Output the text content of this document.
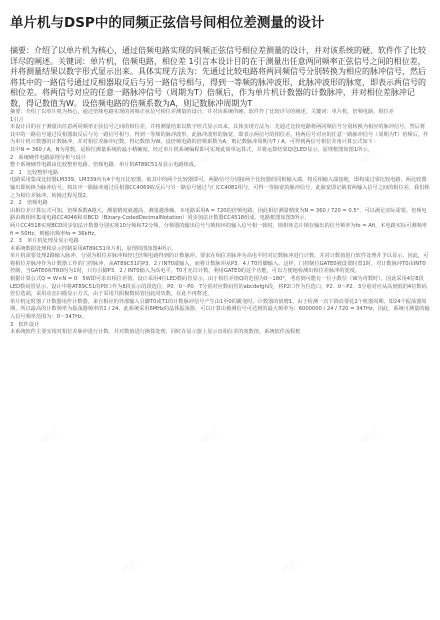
单片机与DSP中的同频正弦信号间相位差测量的设计

摘要：介绍了以单片机为核心，通过倍频电路实现的同频正弦信号相位差测量的设计，并对该系统的硬、软件作了比较详尽的阐述。关键词：单片机，倍频电路，相位差 1引言本设计目的在于测量出任意两同频率正弦信号之间的相位差，并将测量结果以数字形式显示出来。具体实现方法为：先通过比较电路将两同频信号分别转换为相应的脉冲信号，然后将其中的一路信号通过反相器取反后与另一路信号相与，得到一等频的脉冲波形，此脉冲波形的脉宽，即表示两信号的相位差。将两信号对应的任意一路脉冲信号（周期为T）倍频后，作为单片机计数器的计数脉冲，并对相位差脉冲记数，得记数值为W。设倍频电路的倍频系数为A，则记数脉冲周期为T

摘要：介绍了以单片机为核心，通过倍频电路实现的同频正弦信号相位差测量的设计，并对该系统的硬、软件作了比较详尽的阐述。关键词：单片机，倍频电路，相位差

1引言

本设计目的在于测量出任意两同频率正弦信号之间的相位差，并将测量结果以数字形式显示出来。具体实现方法为：先通过比较电路将两同频信号分别转换为相应的脉冲信号，然后将其中的一路信号通过反相器取反后与另一路信号相与，得到一等频的脉冲波形，此脉冲波形的脉宽，即表示两信号的相位差。将两信号对应的任意一路脉冲信号（周期为T）倍频后，作为单片机计数器的计数脉冲，并对相位差脉冲记数，得记数值为W。设倍频电路的倍频系数为A，则记数脉冲周期为T / A，可得到两信号相位差角计算公式如下：

其中N = 360 / A，N为常数，是相位测量系统的最小精确度。经过单片机系统编程即可实现此简单运算式，并将运算结果Q送LED显示。原理框图如图1所示。

2　系统硬件电路原理分析与设计

整个系统硬件电路由比较整形电路、倍频电路、单片机AT89C51及显示电路组成。

2．1　比较整形电路

电路采用集成比较器LM339。LM339内有4个电压比较器，取其中的两个比较器即可。两路信号分别接两个比较器的同相输入端，将反相输入端接地，即构成过零比较电路。两比较器输出即转换为脉冲信号。将其中一路脉冲通过反相器CC4069取反后与另一路信号通过与门CC4081相与，可得一等脉宽的脉冲信号，此脉宽即记载着两输入信号之间的相位差，我们称之为相位差脉冲。转换过程见图2。

2．2　倍频电路

由相位差计算公式可知，倍频系数A越大，测量精度就越高，测量越准确。本电路采用A = 720的倍频电路，因此相位测量精度为N = 360 / 720 = 0.5°，可以满足实际需要。倍频电路由锁相环集成电路CC4046和双BCD（Binary-CodedDecimalNotation）同步加法计数器CC4518组成。电路框图如图3所示。

两片CC4518实现BCD同步加法计数器分别实现10分频和72分频。分频器的输出信号与锁相环的输入信号相一致时，锁相环芯片锁存输出的信号频率为fo = Afi，本电路实际可测频率fi = 50Hz，则输出频率fo = 36kHz。

2．3　单片机处理及显示电路

本系统数据处理和显示控制采用AT89C51单片机。原理简图如图4所示。

单片机需要处理2路输入脉冲，分别为相位差脉冲和经过倍频电路得到的计数脉冲。要求在相位差脉冲为高电平时对记数脉冲进行计数，并对计数值进行软件处理并予以显示。因此，可将相位差脉冲作为计数器工作的门控脉冲，从AT89C51的P3．2 / INT0端输入，而将计数脉冲从P3．4 / T0管脚输入。这样，门控制位GATE0被设置时置1时，对计数脉冲T0由INT0控制，当GATE0和TR0均为1时，只有引脚P3．2 / INT0输入为高电平，T0才允许计数。利用GATE0的这个功能，可以方便地检测出相位差脉冲的宽度。

根据计算公式Q = W×N = 0．5W即可求出相位差值。设计采用4位LED数码管显示，由于相位差值Q的范围为0～180°，考虑到可能有一位小数位（W为奇数时），因此采用4位8段LED数码管显示。设计中将AT89C51的P0口作为8段显示的段选位，P0．0～P0．7分别对应数码管的abcdefgh段，将P2口作为位选口，P2．0～P2．3分别对应从高到低的4位数码管位选端，采用动态扫描显示方式，由于采用共阳极数码管因此同负数，在此不再赘述。

单片机定时器 / 计数器用作计数器，来自相应的外部输入引脚T0或T1的计数脉冲信号产生由1至0的跳变时，计数器的值增1。由于检测一次下降沿要花2个机器周期，即24个振荡器周期，所以最高的计数频率为振荡器频率的1 / 24。此系统采用6MHz的晶体振荡器，可以计算出被测信号可达到的最大频率为：6000000 / 24 / 720 = 347Hz，因此，系统可测量的输入信号频率范围为：0～347Hz。

3　软件设计

本系统软件主要实现对相位差脉冲进行计数，并对数值进行换算处理，同时在显示器上显示出相位差的度数值。系统软件流程框
